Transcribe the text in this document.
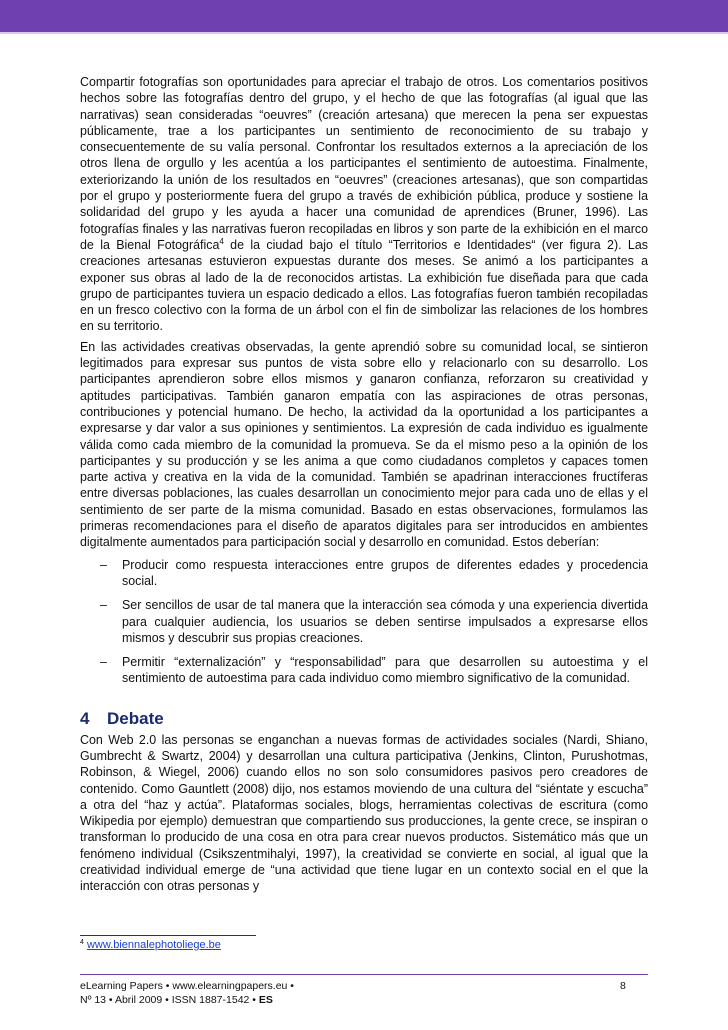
Compartir fotografías son oportunidades para apreciar el trabajo de otros. Los comentarios positivos hechos sobre las fotografías dentro del grupo, y el hecho de que las fotografías (al igual que las narrativas) sean consideradas “oeuvres” (creación artesana) que merecen la pena ser expuestas públicamente, trae a los participantes un sentimiento de reconocimiento de su trabajo y consecuentemente de su valía personal. Confrontar los resultados externos a la apreciación de los otros llena de orgullo y les acentúa a los participantes el sentimiento de autoestima. Finalmente, exteriorizando la unión de los resultados en “oeuvres” (creaciones artesanas), que son compartidas por el grupo y posteriormente fuera del grupo a través de exhibición pública, produce y sostiene la solidaridad del grupo y les ayuda a hacer una comunidad de aprendices (Bruner, 1996). Las fotografías finales y las narrativas fueron recopiladas en libros y son parte de la exhibición en el marco de la Bienal Fotográfica$^4$ de la ciudad bajo el título “Territorios e Identidades“ (ver figura 2). Las creaciones artesanas estuvieron expuestas durante dos meses. Se animó a los participantes a exponer sus obras al lado de la de reconocidos artistas. La exhibición fue diseñada para que cada grupo de participantes tuviera un espacio dedicado a ellos. Las fotografías fueron también recopiladas en un fresco colectivo con la forma de un árbol con el fin de simbolizar las relaciones de los hombres en su territorio.

En las actividades creativas observadas, la gente aprendió sobre su comunidad local, se sintieron legitimados para expresar sus puntos de vista sobre ello y relacionarlo con su desarrollo. Los participantes aprendieron sobre ellos mismos y ganaron confianza, reforzaron su creatividad y aptitudes participativas. También ganaron empatía con las aspiraciones de otras personas, contribuciones y potencial humano. De hecho, la actividad da la oportunidad a los participantes a expresarse y dar valor a sus opiniones y sentimientos. La expresión de cada individuo es igualmente válida como cada miembro de la comunidad la promueva. Se da el mismo peso a la opinión de los participantes y su producción y se les anima a que como ciudadanos completos y capaces tomen parte activa y creativa en la vida de la comunidad. También se apadrinan interacciones fructíferas entre diversas poblaciones, las cuales desarrollan un conocimiento mejor para cada uno de ellas y el sentimiento de ser parte de la misma comunidad. Basado en estas observaciones, formulamos las primeras recomendaciones para el diseño de aparatos digitales para ser introducidos en ambientes digitalmente aumentados para participación social y desarrollo en comunidad. Estos deberían:

– Producir como respuesta interacciones entre grupos de diferentes edades y procedencia social.
– Ser sencillos de usar de tal manera que la interacción sea cómoda y una experiencia divertida para cualquier audiencia, los usuarios se deben sentirse impulsados a expresarse ellos mismos y descubrir sus propias creaciones.
– Permitir “externalización” y “responsabilidad” para que desarrollen su autoestima y el sentimiento de autoestima para cada individuo como miembro significativo de la comunidad.
4 Debate

Con Web 2.0 las personas se enganchan a nuevas formas de actividades sociales (Nardi, Shiano, Gumbrecht & Swartz, 2004) y desarrollan una cultura participativa (Jenkins, Clinton, Purushotmas, Robinson, & Wiegel, 2006) cuando ellos no son solo consumidores pasivos pero creadores de contenido. Como Gauntlett (2008) dijo, nos estamos moviendo de una cultura del “siéntate y escucha” a otra del “haz y actúa”. Plataformas sociales, blogs, herramientas colectivas de escritura (como Wikipedia por ejemplo) demuestran que compartiendo sus producciones, la gente crece, se inspiran o transforman lo producido de una cosa en otra para crear nuevos productos. Sistemático más que un fenómeno individual (Csikszentmihalyi, 1997), la creatividad se convierte en social, al igual que la creatividad individual emerge de “una actividad que tiene lugar en un contexto social en el que la interacción con otras personas y

$^4$ www.biennalephotoliege.be
eLearning Papers • www.elearningpapers.eu •
Nº 13 • Abril 2009 • ISSN 1887-1542 • ES
8
